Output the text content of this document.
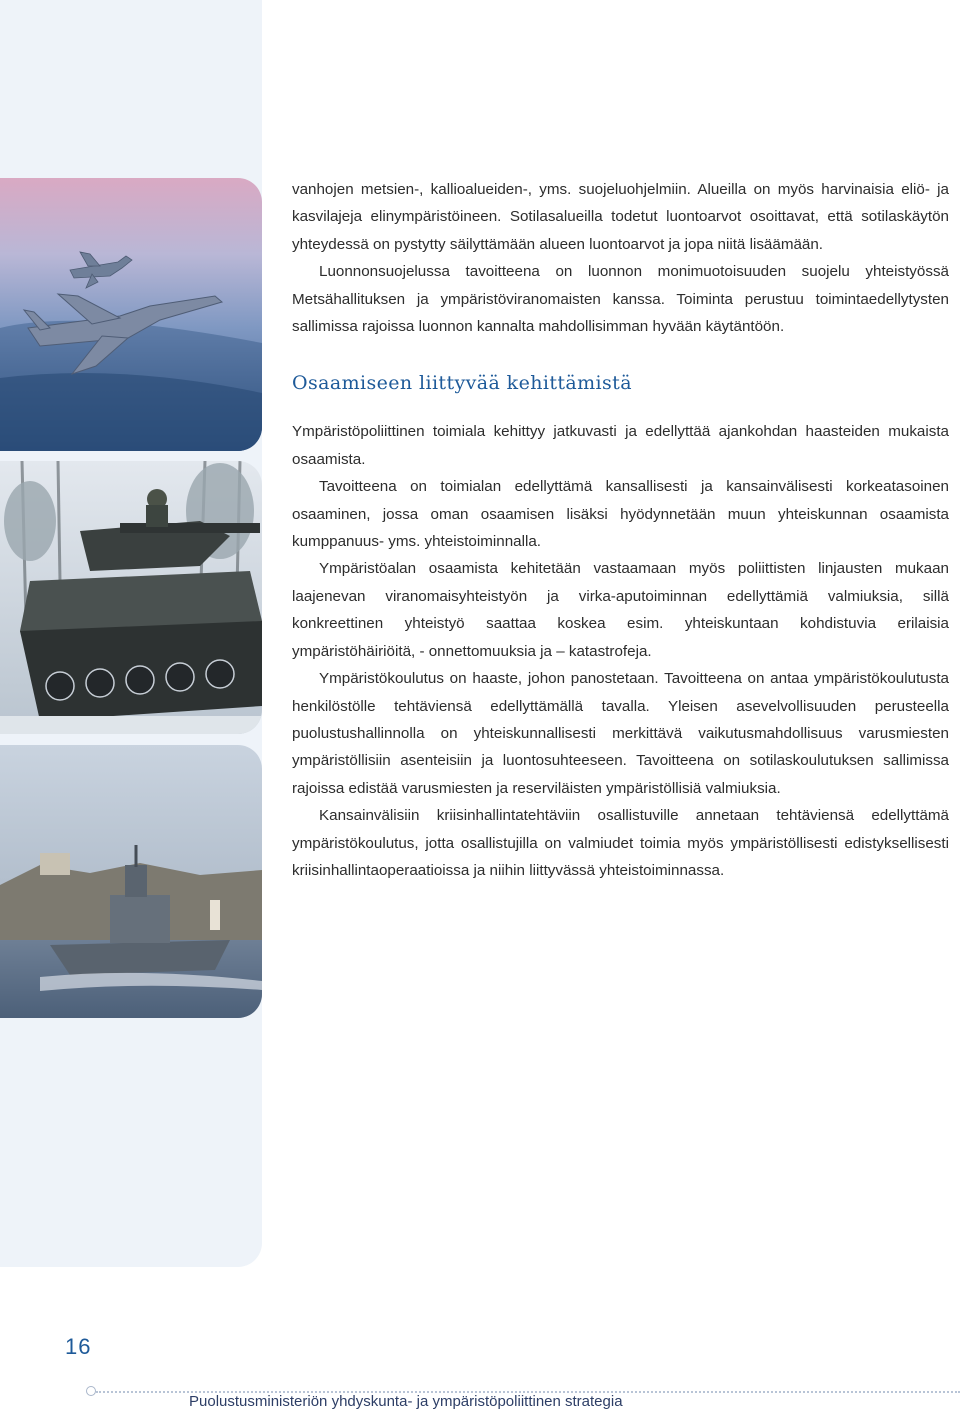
vanhojen metsien-, kallioalueiden-, yms. suojeluohjelmiin. Alueilla on myös harvinaisia eliö- ja kasvilajeja elinympäristöineen. Sotilasalueilla todetut luontoarvot osoittavat, että sotilaskäytön yhteydessä on pystytty säilyttämään alueen luontoarvot ja jopa niitä lisäämään.

Luonnonsuojelussa tavoitteena on luonnon monimuotoisuuden suojelu yhteistyössä Metsähallituksen ja ympäristöviranomaisten kanssa. Toiminta perustuu toimintaedellytysten sallimissa rajoissa luonnon kannalta mahdollisimman hyvään käytäntöön.

Osaamiseen liittyvää kehittämistä

Ympäristöpoliittinen toimiala kehittyy jatkuvasti ja edellyttää ajankohdan haasteiden mukaista osaamista.

Tavoitteena on toimialan edellyttämä kansallisesti ja kansainvälisesti korkeatasoinen osaaminen, jossa oman osaamisen lisäksi hyödynnetään muun yhteiskunnan osaamista kumppanuus- yms. yhteistoiminnalla.

Ympäristöalan osaamista kehitetään vastaamaan myös poliittisten linjausten mukaan laajenevan viranomaisyhteistyön ja virka-aputoiminnan edellyttämiä valmiuksia, sillä konkreettinen yhteistyö saattaa koskea esim. yhteiskuntaan kohdistuvia erilaisia ympäristöhäiriöitä, - onnettomuuksia ja – katastrofeja.

Ympäristökoulutus on haaste, johon panostetaan. Tavoitteena on antaa ympäristökoulutusta henkilöstölle tehtäviensä edellyttämällä tavalla. Yleisen asevelvollisuuden perusteella puolustushallinnolla on yhteiskunnallisesti merkittävä vaikutusmahdollisuus varusmiesten ympäristöllisiin asenteisiin ja luontosuhteeseen. Tavoitteena on sotilaskoulutuksen sallimissa rajoissa edistää varusmiesten ja reserviläisten ympäristöllisiä valmiuksia.

Kansainvälisiin kriisinhallintatehtäviin osallistuville annetaan tehtäviensä edellyttämä ympäristökoulutus, jotta osallistujilla on valmiudet toimia myös ympäristöllisesti edistyksellisesti kriisinhallintaoperaatioissa ja niihin liittyvässä yhteistoiminnassa.

16
Puolustusministeriön yhdyskunta- ja ympäristöpoliittinen strategia
